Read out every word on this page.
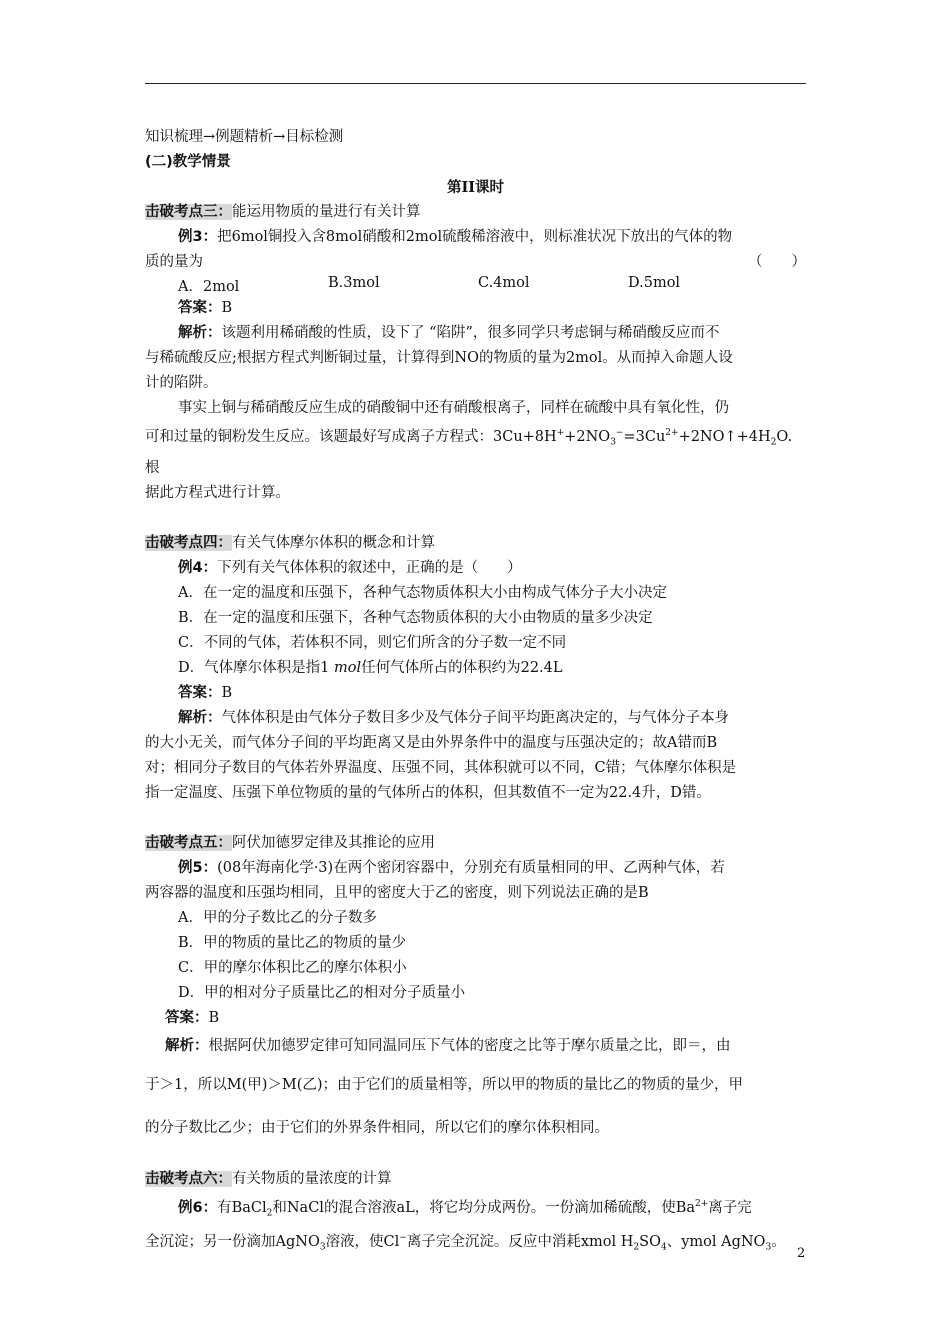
知识梳理→例题精析→目标检测

(二)教学情景

第II课时

击破考点三：能运用物质的量进行有关计算

例3：把6mol铜投入含8mol硝酸和2mol硫酸稀溶液中，则标准状况下放出的气体的物

质的量为	（　　）

A．2mol	B.3mol	C.4mol	D.5mol

答案：B

解析：该题利用稀硝酸的性质，设下了 “陷阱”，很多同学只考虑铜与稀硝酸反应而不

与稀硫酸反应;根据方程式判断铜过量，计算得到NO的物质的量为2mol。从而掉入命题人设

计的陷阱。

事实上铜与稀硝酸反应生成的硝酸铜中还有硝酸根离子，同样在硫酸中具有氧化性，仍

可和过量的铜粉发生反应。该题最好写成离子方程式：$3Cu+8H^++2NO_3^-=3Cu^{2+}+2NO↑+4H_2O$.根

据此方程式进行计算。

击破考点四：有关气体摩尔体积的概念和计算

例4：下列有关气体体积的叙述中，正确的是（　　）

A．在一定的温度和压强下，各种气态物质体积大小由构成气体分子大小决定

B．在一定的温度和压强下，各种气态物质体积的大小由物质的量多少决定

C．不同的气体，若体积不同，则它们所含的分子数一定不同

D．气体摩尔体积是指1 mol任何气体所占的体积约为22.4L

答案：B

解析：气体体积是由气体分子数目多少及气体分子间平均距离决定的，与气体分子本身

的大小无关，而气体分子间的平均距离又是由外界条件中的温度与压强决定的；故A错而B

对；相同分子数目的气体若外界温度、压强不同，其体积就可以不同，C错；气体摩尔体积是

指一定温度、压强下单位物质的量的气体所占的体积，但其数值不一定为22.4升，D错。

击破考点五：阿伏加德罗定律及其推论的应用

例5：(08年海南化学·3)在两个密闭容器中，分别充有质量相同的甲、乙两种气体，若

两容器的温度和压强均相同，且甲的密度大于乙的密度，则下列说法正确的是B

A．甲的分子数比乙的分子数多

B．甲的物质的量比乙的物质的量少

C．甲的摩尔体积比乙的摩尔体积小

D．甲的相对分子质量比乙的相对分子质量小

答案：B

解析：根据阿伏加德罗定律可知同温同压下气体的密度之比等于摩尔质量之比，即＝，由

于＞1，所以M(甲)＞M(乙)；由于它们的质量相等，所以甲的物质的量比乙的物质的量少，甲

的分子数比乙少；由于它们的外界条件相同，所以它们的摩尔体积相同。

击破考点六：有关物质的量浓度的计算

例6：有BaCl$_2$和NaCl的混合溶液aL，将它均分成两份。一份滴加稀硫酸，使$Ba^{2+}$离子完

全沉淀；另一份滴加AgNO$_3$溶液，使Cl−离子完全沉淀。反应中消耗xmol $H_2SO_4$、ymol AgNO$_3$。

2
